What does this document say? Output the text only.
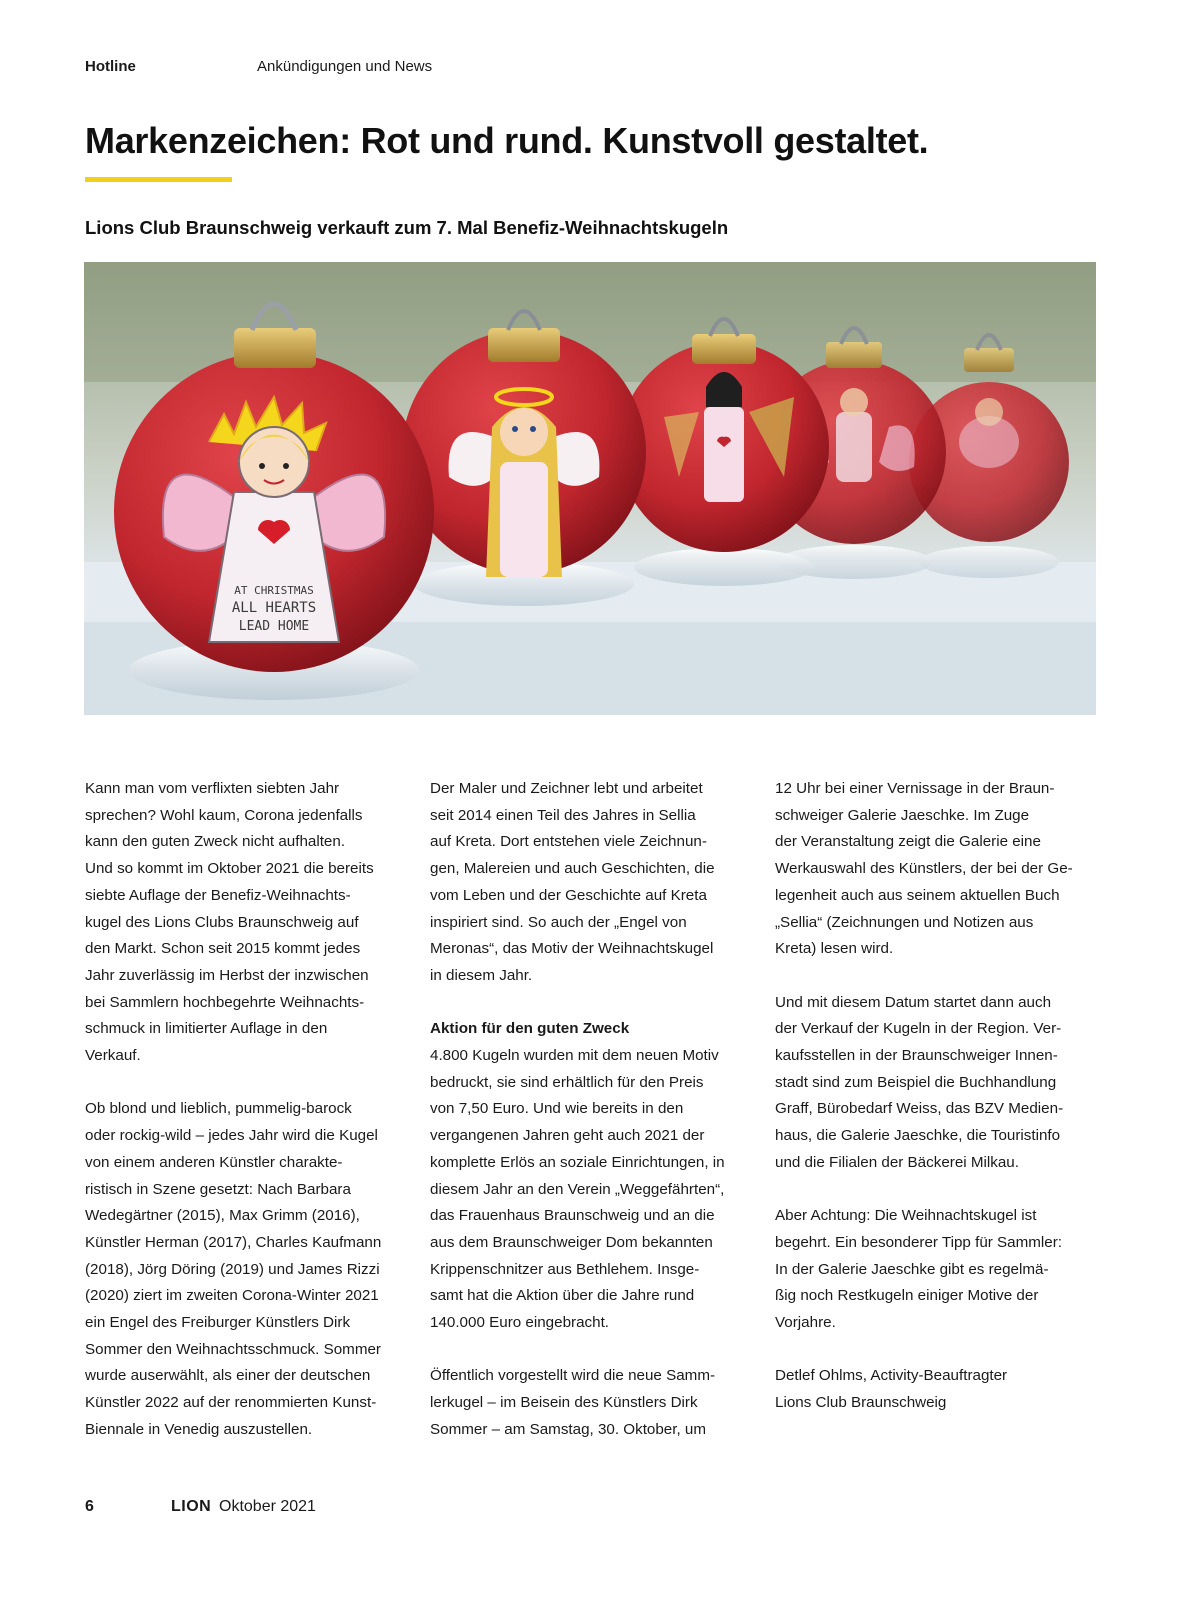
Hotline	Ankündigungen und News
Markenzeichen: Rot und rund. Kunstvoll gestaltet.
Lions Club Braunschweig verkauft zum 7. Mal Benefiz-Weihnachtskugeln
AT CHRISTMAS
ALL HEARTS
LEAD HOME

Kann man vom verflixten siebten Jahr
sprechen? Wohl kaum, Corona jedenfalls
kann den guten Zweck nicht aufhalten.
Und so kommt im Oktober 2021 die bereits
siebte Auflage der Benefiz-Weihnachts-
kugel des Lions Clubs Braunschweig auf
den Markt. Schon seit 2015 kommt jedes
Jahr zuverlässig im Herbst der inzwischen
bei Sammlern hochbegehrte Weihnachts-
schmuck in limitierter Auflage in den
Verkauf.

Ob blond und lieblich, pummelig-barock
oder rockig-wild – jedes Jahr wird die Kugel
von einem anderen Künstler charakte-
ristisch in Szene gesetzt: Nach Barbara
Wedegärtner (2015), Max Grimm (2016),
Künstler Herman (2017), Charles Kaufmann
(2018), Jörg Döring (2019) und James Rizzi
(2020) ziert im zweiten Corona-Winter 2021
ein Engel des Freiburger Künstlers Dirk
Sommer den Weihnachtsschmuck. Sommer
wurde auserwählt, als einer der deutschen
Künstler 2022 auf der renommierten Kunst-
Biennale in Venedig auszustellen.

Der Maler und Zeichner lebt und arbeitet
seit 2014 einen Teil des Jahres in Sellia
auf Kreta. Dort entstehen viele Zeichnun-
gen, Malereien und auch Geschichten, die
vom Leben und der Geschichte auf Kreta
inspiriert sind. So auch der „Engel von
Meronas“, das Motiv der Weihnachtskugel
in diesem Jahr.

Aktion für den guten Zweck

4.800 Kugeln wurden mit dem neuen Motiv
bedruckt, sie sind erhältlich für den Preis
von 7,50 Euro. Und wie bereits in den
vergangenen Jahren geht auch 2021 der
komplette Erlös an soziale Einrichtungen, in
diesem Jahr an den Verein „Weggefährten“,
das Frauenhaus Braunschweig und an die
aus dem Braunschweiger Dom bekannten
Krippenschnitzer aus Bethlehem. Insge-
samt hat die Aktion über die Jahre rund
140.000 Euro eingebracht.

Öffentlich vorgestellt wird die neue Samm-
lerkugel – im Beisein des Künstlers Dirk
Sommer – am Samstag, 30. Oktober, um

12 Uhr bei einer Vernissage in der Braun-
schweiger Galerie Jaeschke. Im Zuge
der Veranstaltung zeigt die Galerie eine
Werkauswahl des Künstlers, der bei der Ge-
legenheit auch aus seinem aktuellen Buch
„Sellia“ (Zeichnungen und Notizen aus
Kreta) lesen wird.

Und mit diesem Datum startet dann auch
der Verkauf der Kugeln in der Region. Ver-
kaufsstellen in der Braunschweiger Innen-
stadt sind zum Beispiel die Buchhandlung
Graff, Bürobedarf Weiss, das BZV Medien-
haus, die Galerie Jaeschke, die Touristinfo
und die Filialen der Bäckerei Milkau.

Aber Achtung: Die Weihnachtskugel ist
begehrt. Ein besonderer Tipp für Sammler:
In der Galerie Jaeschke gibt es regelmä-
ßig noch Restkugeln einiger Motive der
Vorjahre.

Detlef Ohlms, Activity-Beauftragter
Lions Club Braunschweig

6	LION Oktober 2021
